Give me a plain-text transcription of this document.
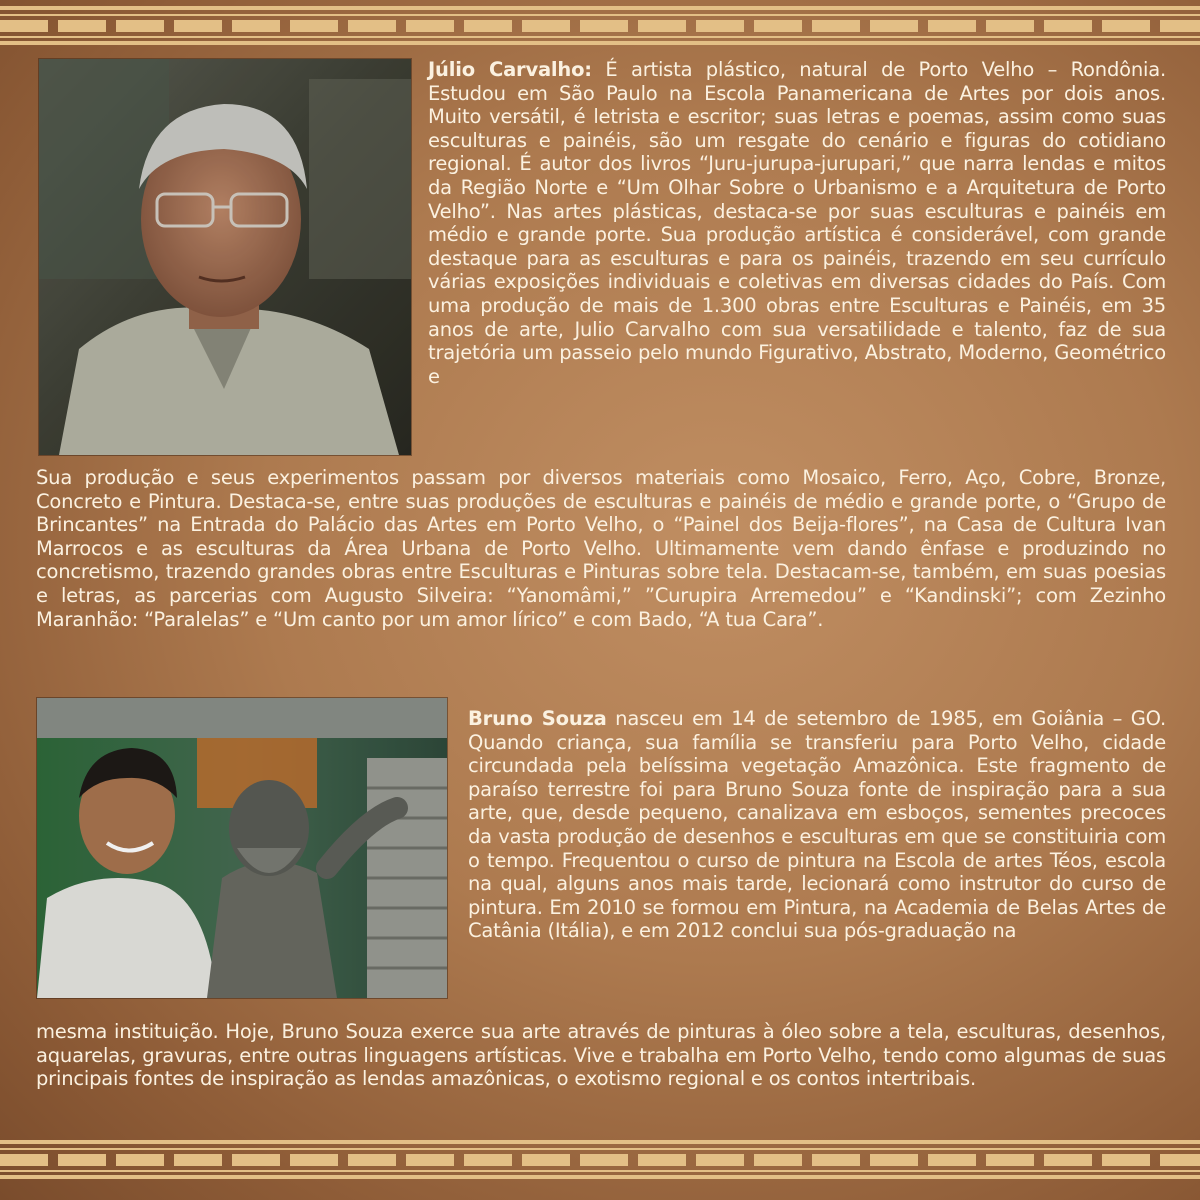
Júlio Carvalho: É artista plástico, natural de Porto Velho – Rondônia. Estudou em São Paulo na Escola Panamericana de Artes por dois anos. Muito versátil, é letrista e escritor; suas letras e poemas, assim como suas esculturas e painéis, são um resgate do cenário e figuras do cotidiano regional. É autor dos livros “Juru-jurupa-jurupari,” que narra lendas e mitos da Região Norte e “Um Olhar Sobre o Urbanismo e a Arquitetura de Porto Velho”. Nas artes plásticas, destaca-se por suas esculturas e painéis em médio e grande porte. Sua produção artística é considerável, com grande destaque para as esculturas e para os painéis, trazendo em seu currículo várias exposições individuais e coletivas em diversas cidades do País. Com uma produção de mais de 1.300 obras entre Esculturas e Painéis, em 35 anos de arte, Julio Carvalho com sua versatilidade e talento, faz de sua trajetória um passeio pelo mundo Figurativo, Abstrato, Moderno, Geométrico e

Sua produção e seus experimentos passam por diversos materiais como Mosaico, Ferro, Aço, Cobre, Bronze, Concreto e Pintura. Destaca-se, entre suas produções de esculturas e painéis de médio e grande porte, o “Grupo de Brincantes” na Entrada do Palácio das Artes em Porto Velho, o “Painel dos Beija-flores”, na Casa de Cultura Ivan Marrocos e as esculturas da Área Urbana de Porto Velho. Ultimamente vem dando ênfase e produzindo no concretismo, trazendo grandes obras entre Esculturas e Pinturas sobre tela. Destacam-se, também, em suas poesias e letras, as parcerias com Augusto Silveira: “Yanomâmi,” ”Curupira Arremedou” e “Kandinski”; com Zezinho Maranhão: “Paralelas” e “Um canto por um amor lírico” e com Bado, “A tua Cara”.

Bruno Souza nasceu em 14 de setembro de 1985, em Goiânia – GO. Quando criança, sua família se transferiu para Porto Velho, cidade circundada pela belíssima vegetação Amazônica. Este fragmento de paraíso terrestre foi para Bruno Souza fonte de inspiração para a sua arte, que, desde pequeno, canalizava em esboços, sementes precoces da vasta produção de desenhos e esculturas em que se constituiria com o tempo. Frequentou o curso de pintura na Escola de artes Téos, escola na qual, alguns anos mais tarde, lecionará como instrutor do curso de pintura. Em 2010 se formou em Pintura, na Academia de Belas Artes de Catânia (Itália), e em 2012 conclui sua pós-graduação na

mesma instituição. Hoje, Bruno Souza exerce sua arte através de pinturas à óleo sobre a tela, esculturas, desenhos, aquarelas, gravuras, entre outras linguagens artísticas. Vive e trabalha em Porto Velho, tendo como algumas de suas principais fontes de inspiração as lendas amazônicas, o exotismo regional e os contos intertribais.
